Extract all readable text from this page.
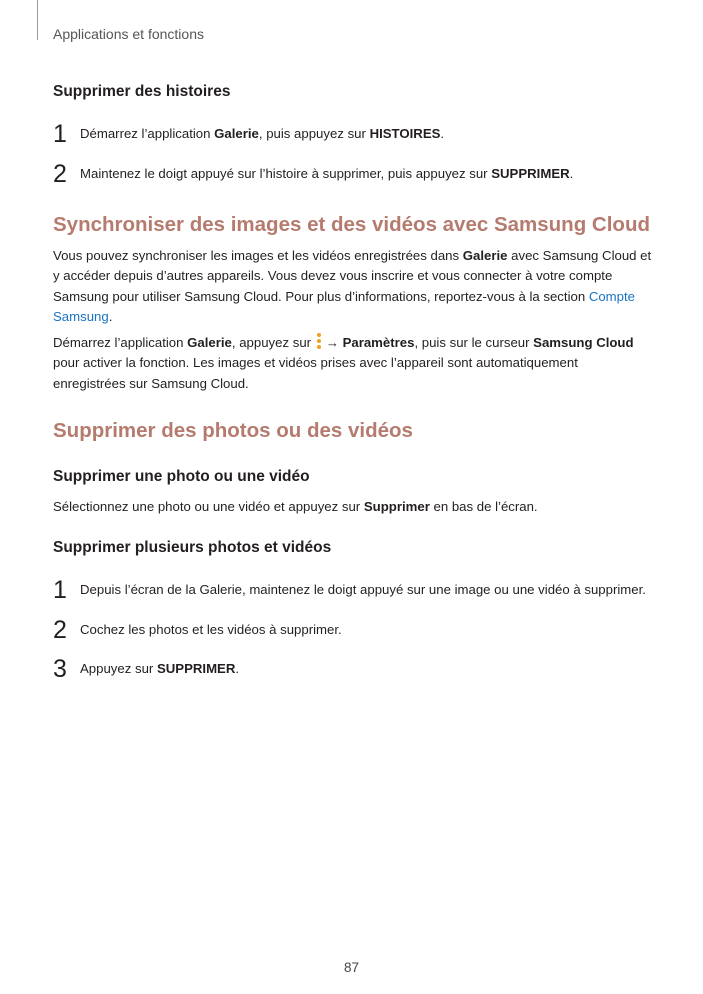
Applications et fonctions
Supprimer des histoires
1 Démarrez l’application Galerie, puis appuyez sur HISTOIRES.
2 Maintenez le doigt appuyé sur l’histoire à supprimer, puis appuyez sur SUPPRIMER.
Synchroniser des images et des vidéos avec Samsung Cloud
Vous pouvez synchroniser les images et les vidéos enregistrées dans Galerie avec Samsung Cloud et y accéder depuis d’autres appareils. Vous devez vous inscrire et vous connecter à votre compte Samsung pour utiliser Samsung Cloud. Pour plus d’informations, reportez-vous à la section Compte Samsung.
Démarrez l’application Galerie, appuyez sur
→ Paramètres, puis sur le curseur Samsung Cloud pour activer la fonction. Les images et vidéos prises avec l’appareil sont automatiquement enregistrées sur Samsung Cloud.
Supprimer des photos ou des vidéos
Supprimer une photo ou une vidéo
Sélectionnez une photo ou une vidéo et appuyez sur Supprimer en bas de l’écran.
Supprimer plusieurs photos et vidéos
1 Depuis l’écran de la Galerie, maintenez le doigt appuyé sur une image ou une vidéo à supprimer.
2 Cochez les photos et les vidéos à supprimer.
3 Appuyez sur SUPPRIMER.
87
